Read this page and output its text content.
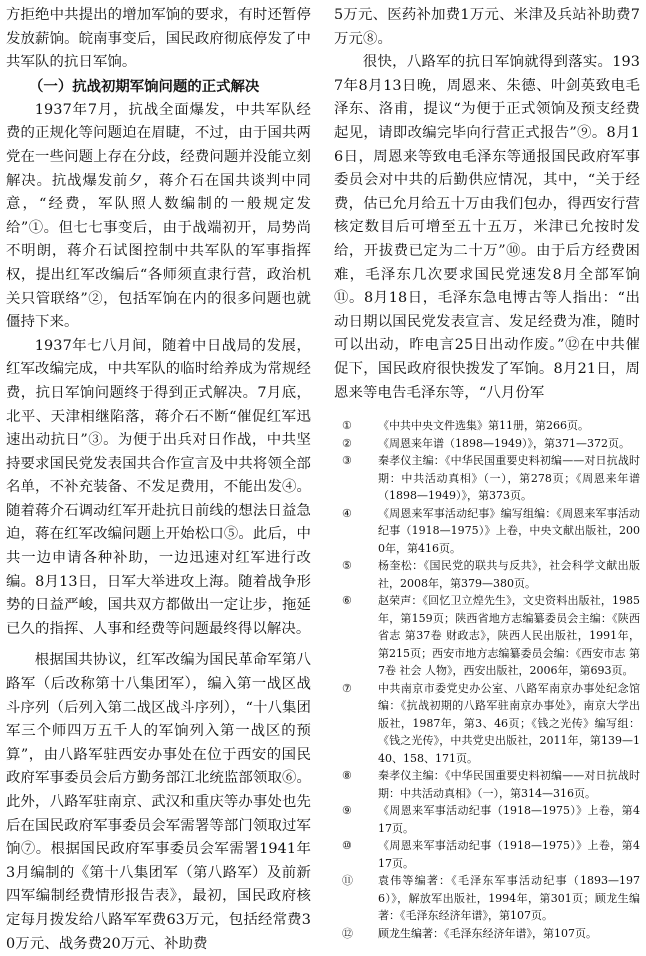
方拒绝中共提出的增加军饷的要求，有时还暂停发放薪饷。皖南事变后，国民政府彻底停发了中共军队的抗日军饷。

（一）抗战初期军饷问题的正式解决

1937年7月，抗战全面爆发，中共军队经费的正规化等问题迫在眉睫，不过，由于国共两党在一些问题上存在分歧，经费问题并没能立刻解决。抗战爆发前夕，蒋介石在国共谈判中同意，“经费，军队照人数编制的一般规定发给”①。但七七事变后，由于战端初开，局势尚不明朗，蒋介石试图控制中共军队的军事指挥权，提出红军改编后“各师须直隶行营，政治机关只管联络”②，包括军饷在内的很多问题也就僵持下来。

1937年七八月间，随着中日战局的发展，红军改编完成，中共军队的临时给养成为常规经费，抗日军饷问题终于得到正式解决。7月底，北平、天津相继陷落，蒋介石不断“催促红军迅速出动抗日”③。为便于出兵对日作战，中共坚持要求国民党发表国共合作宣言及中共将领全部名单，不补充装备、不发足费用，不能出发④。随着蒋介石调动红军开赴抗日前线的想法日益急迫，蒋在红军改编问题上开始松口⑤。此后，中共一边申请各种补助，一边迅速对红军进行改编。8月13日，日军大举进攻上海。随着战争形势的日益严峻，国共双方都做出一定让步，拖延已久的指挥、人事和经费等问题最终得以解决。

根据国共协议，红军改编为国民革命军第八路军（后改称第十八集团军），编入第一战区战斗序列（后列入第二战区战斗序列），“十八集团军三个师四万五千人的军饷列入第一战区的预算”，由八路军驻西安办事处在位于西安的国民政府军事委员会后方勤务部江北统监部领取⑥。此外，八路军驻南京、武汉和重庆等办事处也先后在国民政府军事委员会军需署等部门领取过军饷⑦。根据国民政府军事委员会军需署1941年3月编制的《第十八集团军（第八路军）及前新四军编制经费情形报告表》，最初，国民政府核定每月拨发给八路军军费63万元，包括经常费30万元、战务费20万元、补助费

5万元、医药补加费1万元、米津及兵站补助费7万元⑧。

很快，八路军的抗日军饷就得到落实。1937年8月13日晚，周恩来、朱德、叶剑英致电毛泽东、洛甫，提议“为便于正式领饷及预支经费起见，请即改编完毕向行营正式报告”⑨。8月16日，周恩来等致电毛泽东等通报国民政府军事委员会对中共的后勤供应情况，其中，“关于经费，估已允月给五十万由我们包办，得西安行营核定数目后可增至五十五万，米津已允按时发给，开拔费已定为二十万”⑩。由于后方经费困难，毛泽东几次要求国民党速发8月全部军饷⑪。8月18日，毛泽东急电博古等人指出：“出动日期以国民党发表宣言、发足经费为准，随时可以出动，昨电言25日出动作废。”⑫在中共催促下，国民政府很快拨发了军饷。8月21日，周恩来等电告毛泽东等，“八月份军

①	《中共中央文件选集》第11册，第266页。
②	《周恩来年谱（1898—1949）》，第371—372页。
③	秦孝仪主编：《中华民国重要史料初编——对日抗战时期：中共活动真相》（一），第278页；《周恩来年谱（1898—1949）》，第373页。
④	《周恩来军事活动纪事》编写组编：《周恩来军事活动纪事（1918—1975）》上卷，中央文献出版社，2000年，第416页。
⑤	杨奎松：《国民党的联共与反共》，社会科学文献出版社，2008年，第379—380页。
⑥	赵荣声：《回忆卫立煌先生》，文史资料出版社，1985年，第159页；陕西省地方志编纂委员会主编：《陕西省志 第37卷 财政志》，陕西人民出版社，1991年，第215页；西安市地方志编纂委员会编：《西安市志 第7卷 社会 人物》，西安出版社，2006年，第693页。
⑦	中共南京市委党史办公室、八路军南京办事处纪念馆编：《抗战初期的八路军驻南京办事处》，南京大学出版社，1987年，第3、46页；《钱之光传》编写组：《钱之光传》，中共党史出版社，2011年，第139—140、158、171页。
⑧	秦孝仪主编：《中华民国重要史料初编——对日抗战时期：中共活动真相》（一），第314—316页。
⑨	《周恩来军事活动纪事（1918—1975）》上卷，第417页。
⑩	《周恩来军事活动纪事（1918—1975）》上卷，第417页。
⑪	袁伟等编著：《毛泽东军事活动纪事（1893—1976）》，解放军出版社，1994年，第301页；顾龙生编著：《毛泽东经济年谱》，第107页。
⑫	顾龙生编著：《毛泽东经济年谱》，第107页。
